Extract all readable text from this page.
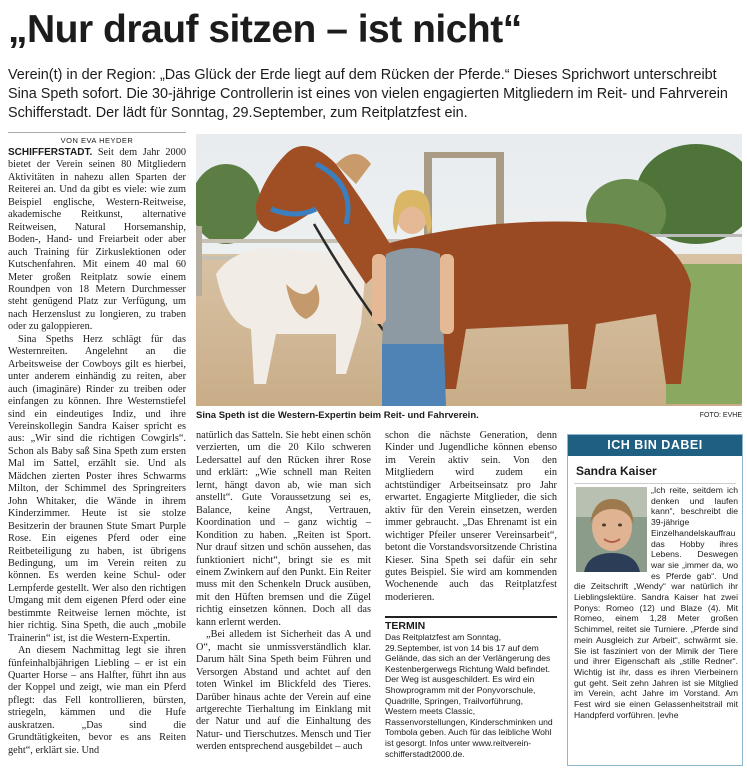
„Nur drauf sitzen – ist nicht“

Verein(t) in der Region: „Das Glück der Erde liegt auf dem Rücken der Pferde.“ Dieses Sprichwort unterschreibt Sina Speth sofort. Die 30-jährige Controllerin ist eines von vielen engagierten Mitgliedern im Reit- und Fahrverein Schifferstadt. Der lädt für Sonntag, 29.September, zum Reitplatzfest ein.

VON EVA HEYDER

SCHIFFERSTADT. Seit dem Jahr 2000 bietet der Verein seinen 80 Mitgliedern Aktivitäten in nahezu allen Sparten der Reiterei an. Und da gibt es viele: wie zum Beispiel englische, Western-Reitweise, akademische Reitkunst, alternative Reitweisen, Natural Horsemanship, Boden-, Hand- und Freiarbeit oder aber auch Training für Zirkuslektionen oder Kutschenfahren. Mit einem 40 mal 60 Meter großen Reitplatz sowie einem Roundpen von 18 Metern Durchmesser steht genügend Platz zur Verfügung, um nach Herzenslust zu longieren, zu traben oder zu galoppieren.

Sina Speths Herz schlägt für das Westernreiten. Angelehnt an die Arbeitsweise der Cowboys gilt es hierbei, unter anderem einhändig zu reiten, aber auch (imaginäre) Rinder zu treiben oder einfangen zu können. Ihre Westernstiefel sind ein eindeutiges Indiz, und ihre Vereinskollegin Sandra Kaiser spricht es aus: „Wir sind die richtigen Cowgirls“. Schon als Baby saß Sina Speth zum ersten Mal im Sattel, erzählt sie. Und als Mädchen zierten Poster ihres Schwarms Milton, der Schimmel des Springreiters John Whitaker, die Wände in ihrem Kinderzimmer. Heute ist sie stolze Besitzerin der braunen Stute Smart Purple Rose. Ein eigenes Pferd oder eine Reitbeteiligung zu haben, ist übrigens Bedingung, um im Verein reiten zu können. Es werden keine Schul- oder Lernpferde gestellt. Wer also den richtigen Umgang mit dem eigenen Pferd oder eine bestimmte Reitweise lernen möchte, ist hier richtig. Sina Speth, die auch „mobile Trainerin“ ist, ist die Western-Expertin.

An diesem Nachmittag legt sie ihren fünfeinhalbjährigen Liebling – er ist ein Quarter Horse – ans Halfter, führt ihn aus der Koppel und zeigt, wie man ein Pferd pflegt: das Fell kontrollieren, bürsten, striegeln, kämmen und die Hufe auskratzen. „Das sind die Grundtätigkeiten, bevor es ans Reiten geht“, erklärt sie. Und

Sina Speth ist die Western-Expertin beim Reit- und Fahrverein.	FOTO: EVHE

natürlich das Satteln. Sie hebt einen schön verzierten, um die 20 Kilo schweren Ledersattel auf den Rücken ihrer Rose und erklärt: „Wie schnell man Reiten lernt, hängt davon ab, wie man sich anstellt“. Gute Voraussetzung sei es, Balance, keine Angst, Vertrauen, Koordination und – ganz wichtig – Kondition zu haben. „Reiten ist Sport. Nur drauf sitzen und schön aussehen, das funktioniert nicht“, bringt sie es mit einem Zwinkern auf den Punkt. Ein Reiter muss mit den Schenkeln Druck ausüben, mit den Hüften bremsen und die Zügel richtig einsetzen können. Doch all das kann erlernt werden.

„Bei alledem ist Sicherheit das A und O“, macht sie unmissverständlich klar. Darum hält Sina Speth beim Führen und Versorgen Abstand und achtet auf den toten Winkel im Blickfeld des Tieres. Darüber hinaus achte der Verein auf eine artgerechte Tierhaltung im Einklang mit der Natur und auf die Einhaltung des Natur- und Tierschutzes. Mensch und Tier werden entsprechend ausgebildet – auch

schon die nächste Generation, denn Kinder und Jugendliche können ebenso im Verein aktiv sein. Von den Mitgliedern wird zudem ein achtstündiger Arbeitseinsatz pro Jahr erwartet. Engagierte Mitglieder, die sich aktiv für den Verein einsetzen, werden immer gebraucht. „Das Ehrenamt ist ein wichtiger Pfeiler unserer Vereinsarbeit“, betont die Vorstandsvorsitzende Christina Kieser. Sina Speth sei dafür ein sehr gutes Beispiel. Sie wird am kommenden Wochenende auch das Reitplatzfest moderieren.

TERMIN

Das Reitplatzfest am Sonntag, 29.September, ist von 14 bis 17 auf dem Gelände, das sich an der Verlängerung des Kestenbergerwegs Richtung Wald befindet. Der Weg ist ausgeschildert. Es wird ein Showprogramm mit der Ponyvorschule, Quadrille, Springen, Trailvorführung, Western meets Classic, Rassenvorstellungen, Kinderschminken und Tombola geben. Auch für das leibliche Wohl ist gesorgt. Infos unter www.reitverein-schifferstadt2000.de.

ICH BIN DABEI
Sandra Kaiser
„Ich reite, seitdem ich denken und laufen kann“, beschreibt die 39-jährige Einzelhandelskauffrau das Hobby ihres Lebens. Deswegen war sie „immer da, wo es Pferde gab“. Und die Zeitschrift „Wendy“ war natürlich ihr Lieblingslektüre. Sandra Kaiser hat zwei Ponys: Romeo (12) und Blaze (4). Mit Romeo, einem 1,28 Meter großen Schimmel, reitet sie Turniere. „Pferde sind mein Ausgleich zur Arbeit“, schwärmt sie. Sie ist fasziniert von der Mimik der Tiere und ihrer Eigenschaft als „stille Redner“. Wichtig ist ihr, dass es ihren Vierbeinern gut geht. Seit zehn Jahren ist sie Mitglied im Verein, acht Jahre im Vorstand. Am Fest wird sie einen Gelassenheitstrail mit Handpferd vorführen. |evhe
